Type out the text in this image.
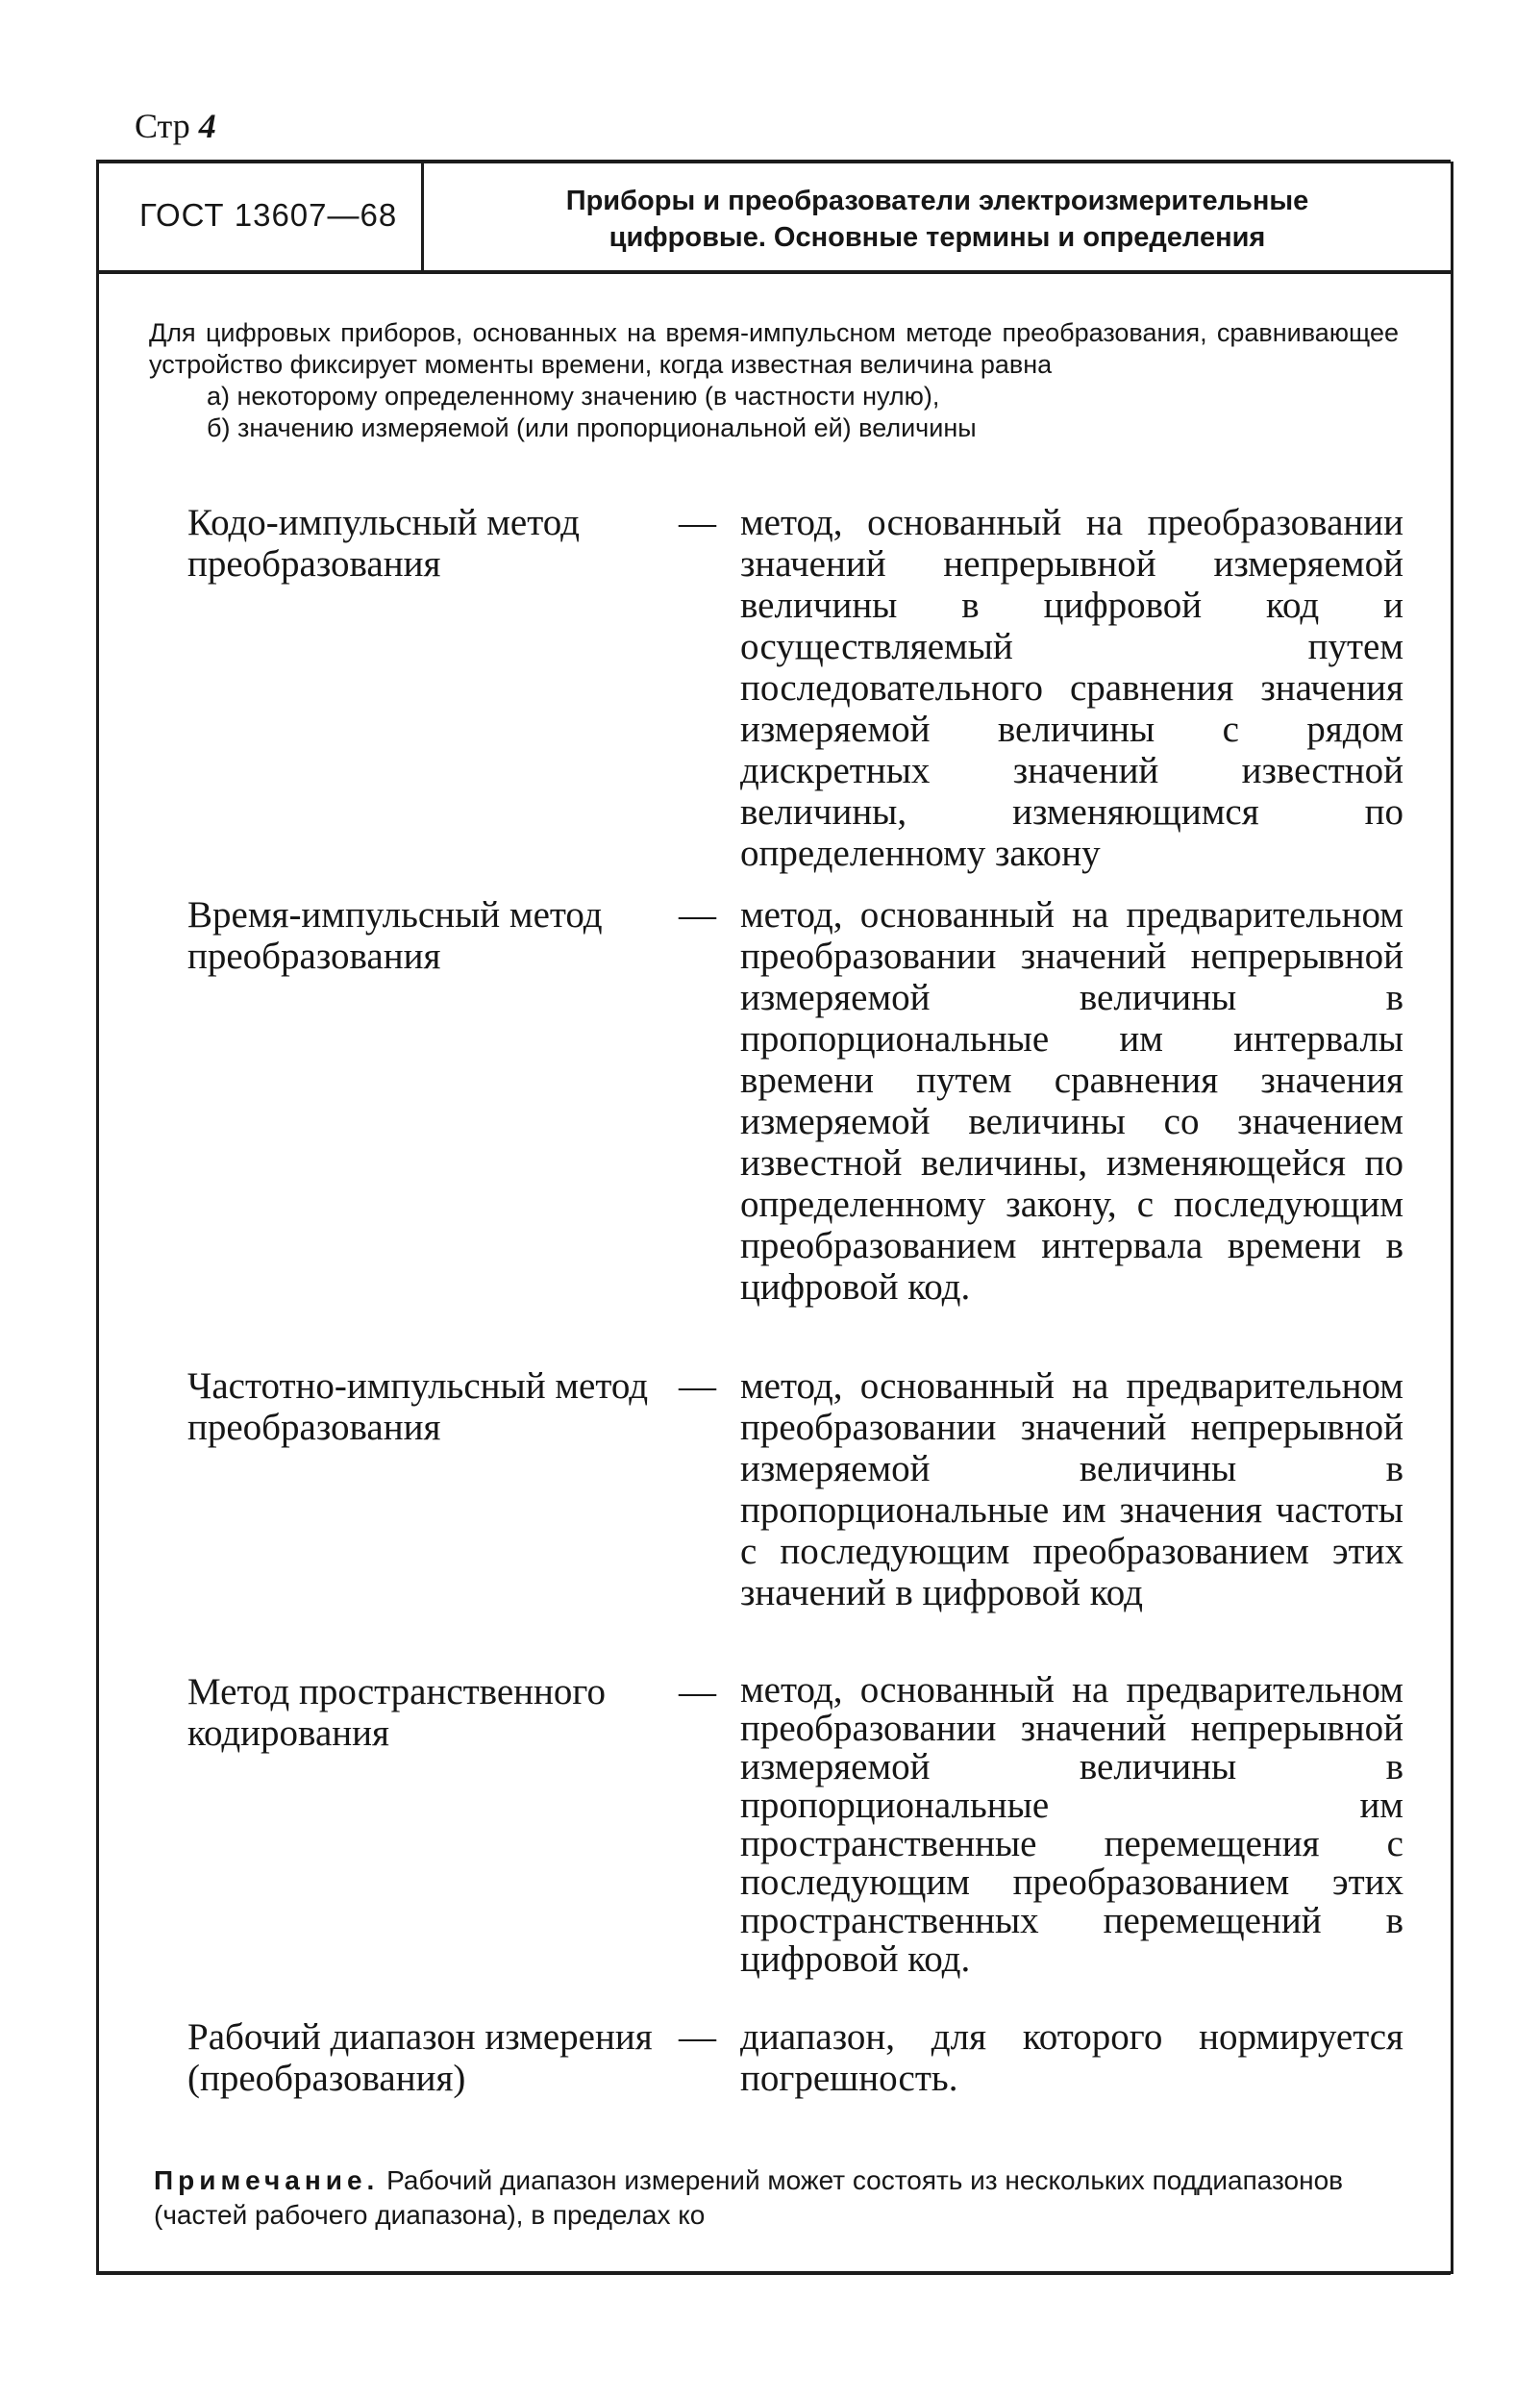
Стр 4
ГОСТ 13607—68	Приборы и преобразователи электроизмерительные
цифровые. Основные термины и определения

Для цифровых приборов, основанных на время-импульсном методе преобразования, сравнивающее устройство фиксирует моменты времени, когда известная величина равна

а) некоторому определенному значению (в частности нулю),

б) значению измеряемой (или пропорциональной ей) величины

Кодо-импульсный метод преобразования
— метод, основанный на преобразовании значений непрерывной измеряемой величины в цифровой код и осуществляемый путем последовательного сравнения значения измеряемой величины с рядом дискретных значений известной величины, изменяющимся по определенному закону
Время-импульсный метод преобразования
— метод, основанный на предварительном преобразовании значений непрерывной измеряемой величины в пропорциональные им интервалы времени путем сравнения значения измеряемой величины со значением известной величины, изменяющейся по определенному закону, с последующим преобразованием интервала времени в цифровой код.
Частотно-импульсный метод преобразования
— метод, основанный на предварительном преобразовании значений непрерывной измеряемой величины в пропорциональные им значения частоты с последующим преобразованием этих значений в цифровой код
Метод пространственного кодирования
— метод, основанный на предварительном преобразовании значений непрерывной измеряемой величины в пропорциональные им пространственные перемещения с последующим преобразованием этих пространственных перемещений в цифровой код.
Рабочий диапазон измерения (преобразования)
— диапазон, для которого нормируется погрешность.
Примечание. Рабочий диапазон измерений может состоять из нескольких поддиапазонов (частей рабочего диапазона), в пределах ко
